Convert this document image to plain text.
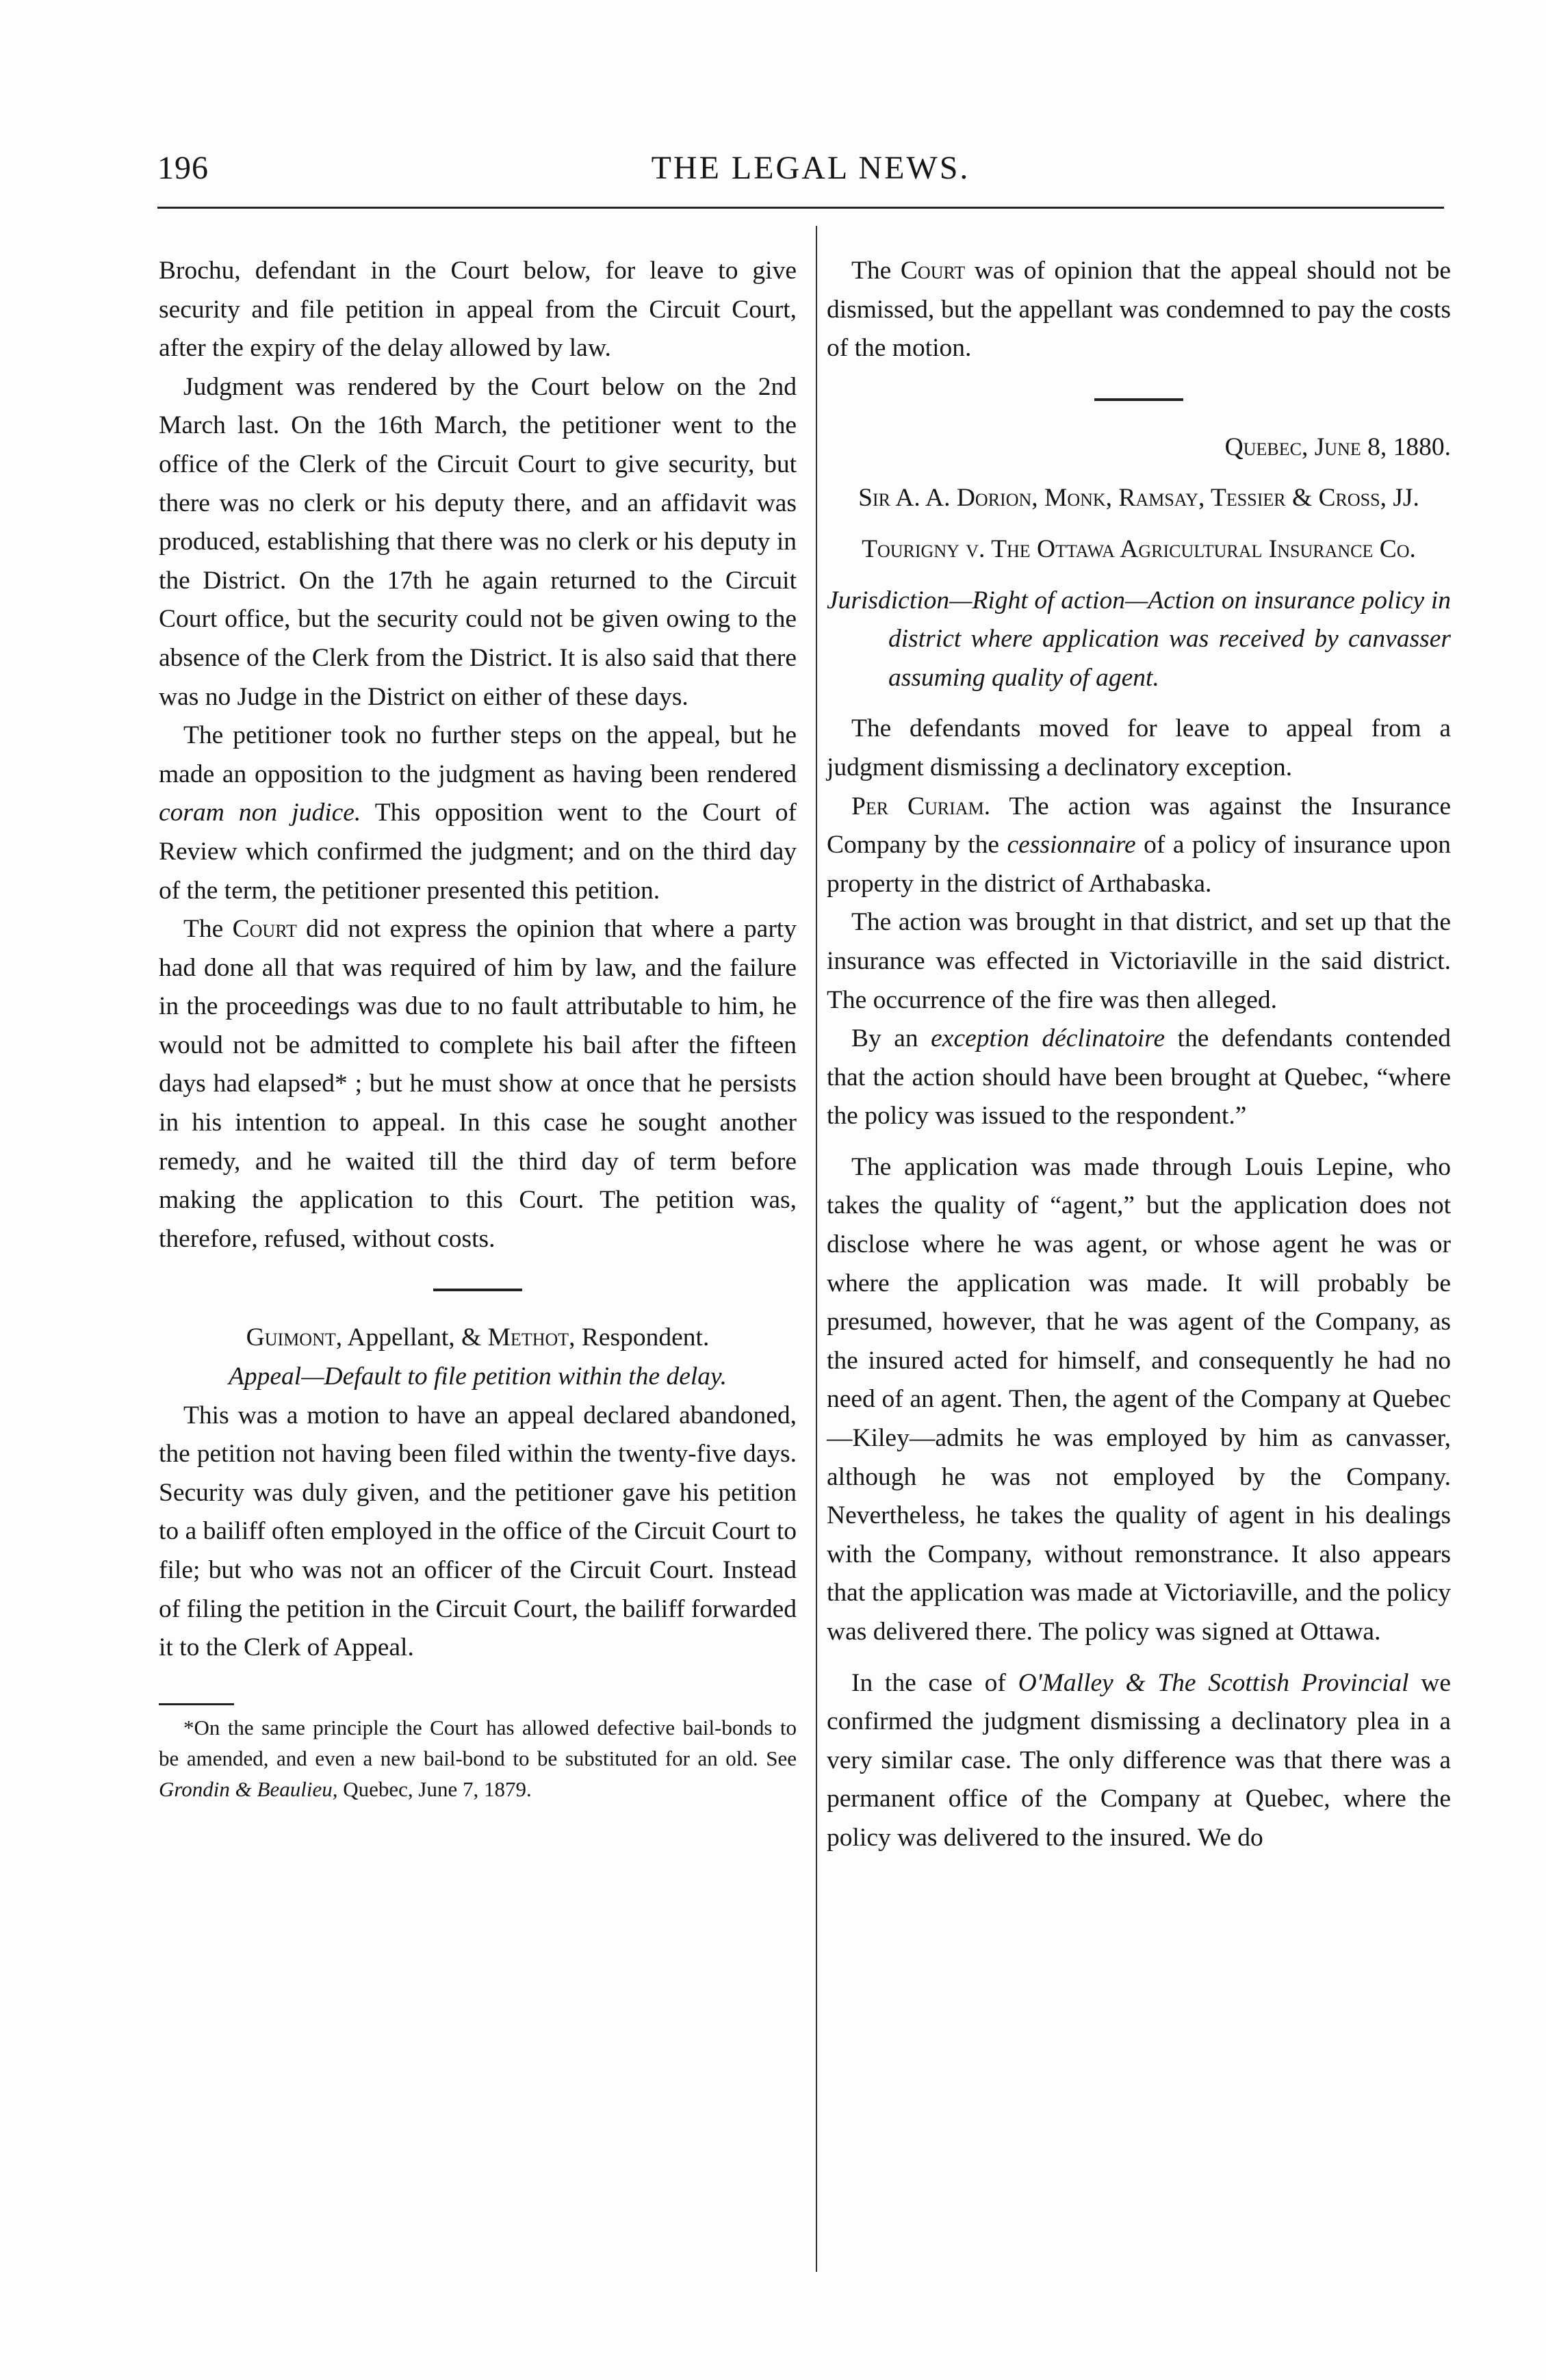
196	THE LEGAL NEWS.

Brochu, defendant in the Court below, for leave to give security and file petition in appeal from the Circuit Court, after the expiry of the delay allowed by law.

Judgment was rendered by the Court below on the 2nd March last. On the 16th March, the petitioner went to the office of the Clerk of the Circuit Court to give security, but there was no clerk or his deputy there, and an affidavit was produced, establishing that there was no clerk or his deputy in the District. On the 17th he again returned to the Circuit Court office, but the security could not be given owing to the absence of the Clerk from the District. It is also said that there was no Judge in the District on either of these days.

The petitioner took no further steps on the appeal, but he made an opposition to the judgment as having been rendered coram non judice. This opposition went to the Court of Review which confirmed the judgment; and on the third day of the term, the petitioner presented this petition.

The Court did not express the opinion that where a party had done all that was required of him by law, and the failure in the proceedings was due to no fault attributable to him, he would not be admitted to complete his bail after the fifteen days had elapsed* ; but he must show at once that he persists in his intention to appeal. In this case he sought another remedy, and he waited till the third day of term before making the application to this Court. The petition was, therefore, refused, without costs.

Guimont, Appellant, & Methot, Respondent.

Appeal—Default to file petition within the delay.

This was a motion to have an appeal declared abandoned, the petition not having been filed within the twenty-five days. Security was duly given, and the petitioner gave his petition to a bailiff often employed in the office of the Circuit Court to file; but who was not an officer of the Circuit Court. Instead of filing the petition in the Circuit Court, the bailiff forwarded it to the Clerk of Appeal.

*On the same principle the Court has allowed defective bail-bonds to be amended, and even a new bail-bond to be substituted for an old. See Grondin & Beaulieu, Quebec, June 7, 1879.

The Court was of opinion that the appeal should not be dismissed, but the appellant was condemned to pay the costs of the motion.

Quebec, June 8, 1880.

Sir A. A. Dorion, Monk, Ramsay, Tessier & Cross, JJ.

Tourigny v. The Ottawa Agricultural Insurance Co.

Jurisdiction—Right of action—Action on insurance policy in district where application was received by canvasser assuming quality of agent.

The defendants moved for leave to appeal from a judgment dismissing a declinatory exception.

Per Curiam. The action was against the Insurance Company by the cessionnaire of a policy of insurance upon property in the district of Arthabaska.

The action was brought in that district, and set up that the insurance was effected in Victoriaville in the said district. The occurrence of the fire was then alleged.

By an exception déclinatoire the defendants contended that the action should have been brought at Quebec, “where the policy was issued to the respondent.”

The application was made through Louis Lepine, who takes the quality of “agent,” but the application does not disclose where he was agent, or whose agent he was or where the application was made. It will probably be presumed, however, that he was agent of the Company, as the insured acted for himself, and consequently he had no need of an agent. Then, the agent of the Company at Quebec—Kiley—admits he was employed by him as canvasser, although he was not employed by the Company. Nevertheless, he takes the quality of agent in his dealings with the Company, without remonstrance. It also appears that the application was made at Victoriaville, and the policy was delivered there. The policy was signed at Ottawa.

In the case of O'Malley & The Scottish Provincial we confirmed the judgment dismissing a declinatory plea in a very similar case. The only difference was that there was a permanent office of the Company at Quebec, where the policy was delivered to the insured. We do
